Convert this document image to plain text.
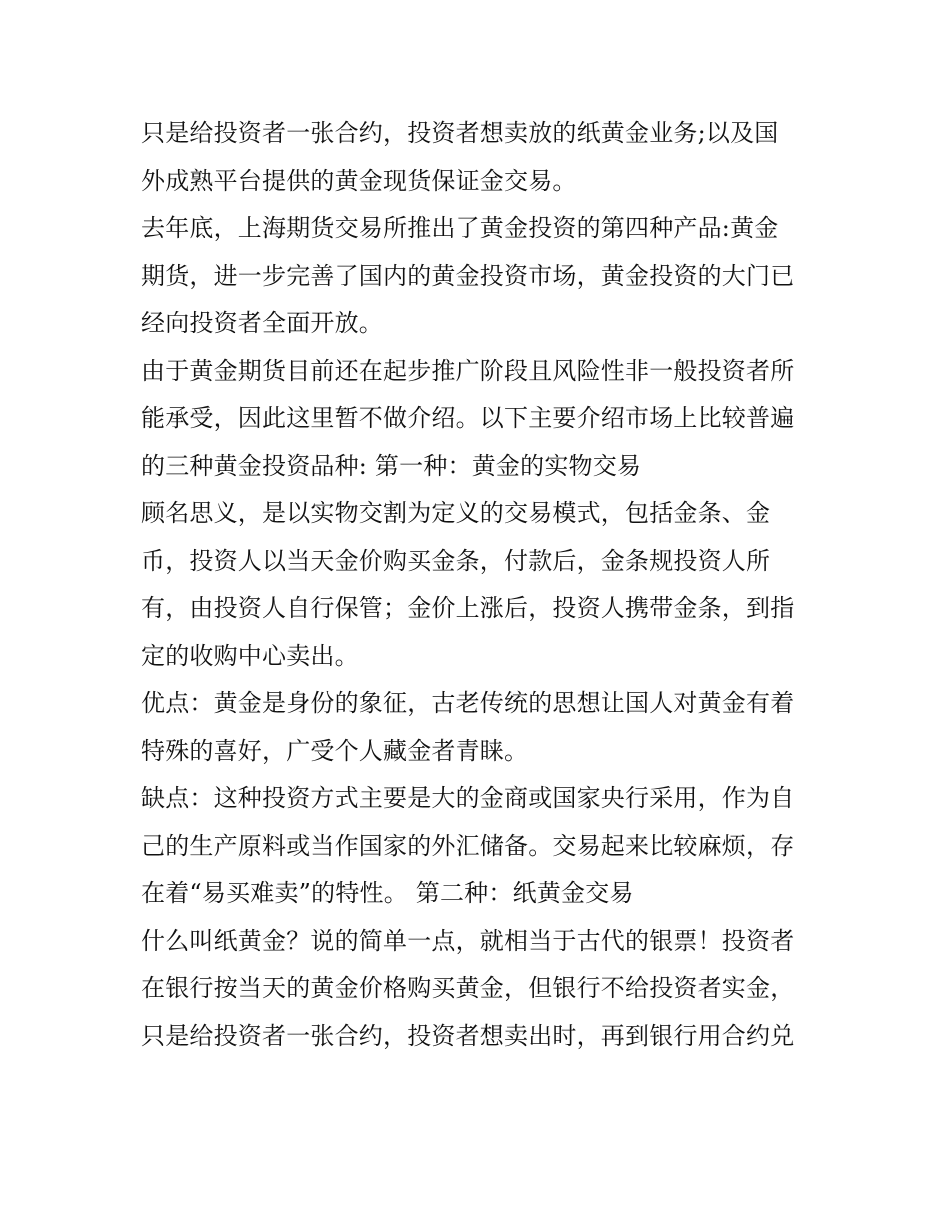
只是给投资者一张合约，投资者想卖放的纸黄金业务;以及国
外成熟平台提供的黄金现货保证金交易。
去年底，上海期货交易所推出了黄金投资的第四种产品:黄金
期货，进一步完善了国内的黄金投资市场，黄金投资的大门已
经向投资者全面开放。
由于黄金期货目前还在起步推广阶段且风险性非一般投资者所
能承受，因此这里暂不做介绍。以下主要介绍市场上比较普遍
的三种黄金投资品种: 第一种：黄金的实物交易
顾名思义，是以实物交割为定义的交易模式，包括金条、金
币，投资人以当天金价购买金条，付款后，金条规投资人所
有，由投资人自行保管；金价上涨后，投资人携带金条，到指
定的收购中心卖出。
优点：黄金是身份的象征，古老传统的思想让国人对黄金有着
特殊的喜好，广受个人藏金者青睐。
缺点：这种投资方式主要是大的金商或国家央行采用，作为自
己的生产原料或当作国家的外汇储备。交易起来比较麻烦，存
在着“易买难卖”的特性。 第二种：纸黄金交易
什么叫纸黄金？说的简单一点，就相当于古代的银票！投资者
在银行按当天的黄金价格购买黄金，但银行不给投资者实金，
只是给投资者一张合约，投资者想卖出时，再到银行用合约兑
